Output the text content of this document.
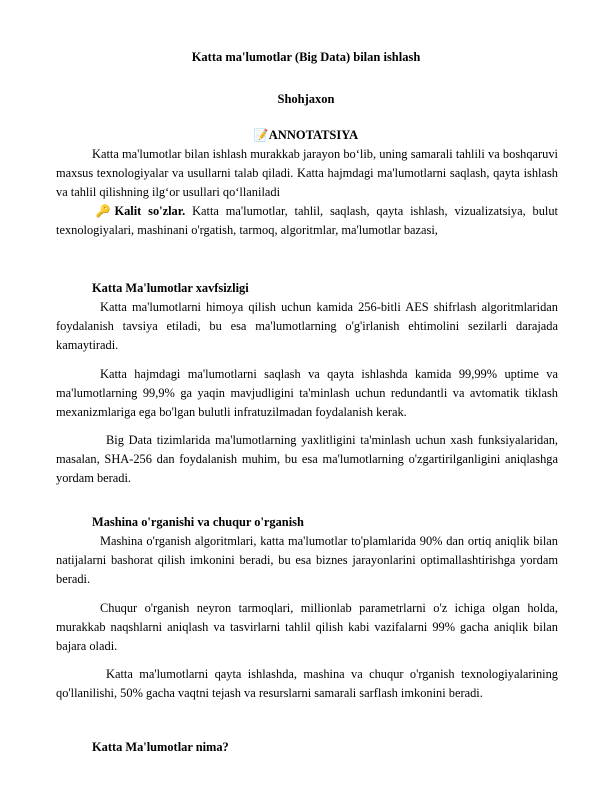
Katta ma'lumotlar (Big Data) bilan ishlash
Shohjaxon
📝ANNOTATSIYA
Katta ma'lumotlar bilan ishlash murakkab jarayon bo‘lib, uning samarali tahlili va boshqaruvi maxsus texnologiyalar va usullarni talab qiladi. Katta hajmdagi ma'lumotlarni saqlash, qayta ishlash va tahlil qilishning ilg‘or usullari qo‘llaniladi
🔑Kalit so'zlar. Katta ma'lumotlar, tahlil, saqlash, qayta ishlash, vizualizatsiya, bulut texnologiyalari, mashinani o'rgatish, tarmoq, algoritmlar, ma'lumotlar bazasi,
Katta Ma'lumotlar xavfsizligi
Katta ma'lumotlarni himoya qilish uchun kamida 256-bitli AES shifrlash algoritmlaridan foydalanish tavsiya etiladi, bu esa ma'lumotlarning o'g'irlanish ehtimolini sezilarli darajada kamaytiradi.
Katta hajmdagi ma'lumotlarni saqlash va qayta ishlashda kamida 99,99% uptime va ma'lumotlarning 99,9% ga yaqin mavjudligini ta'minlash uchun redundantli va avtomatik tiklash mexanizmlariga ega bo'lgan bulutli infratuzilmadan foydalanish kerak.
Big Data tizimlarida ma'lumotlarning yaxlitligini ta'minlash uchun xash funksiyalaridan, masalan, SHA-256 dan foydalanish muhim, bu esa ma'lumotlarning o'zgartirilganligini aniqlashga yordam beradi.
Mashina o'rganishi va chuqur o'rganish
Mashina o'rganish algoritmlari, katta ma'lumotlar to'plamlarida 90% dan ortiq aniqlik bilan natijalarni bashorat qilish imkonini beradi, bu esa biznes jarayonlarini optimallashtirishga yordam beradi.
Chuqur o'rganish neyron tarmoqlari, millionlab parametrlarni o'z ichiga olgan holda, murakkab naqshlarni aniqlash va tasvirlarni tahlil qilish kabi vazifalarni 99% gacha aniqlik bilan bajara oladi.
Katta ma'lumotlarni qayta ishlashda, mashina va chuqur o'rganish texnologiyalarining qo'llanilishi, 50% gacha vaqtni tejash va resurslarni samarali sarflash imkonini beradi.
Katta Ma'lumotlar nima?
